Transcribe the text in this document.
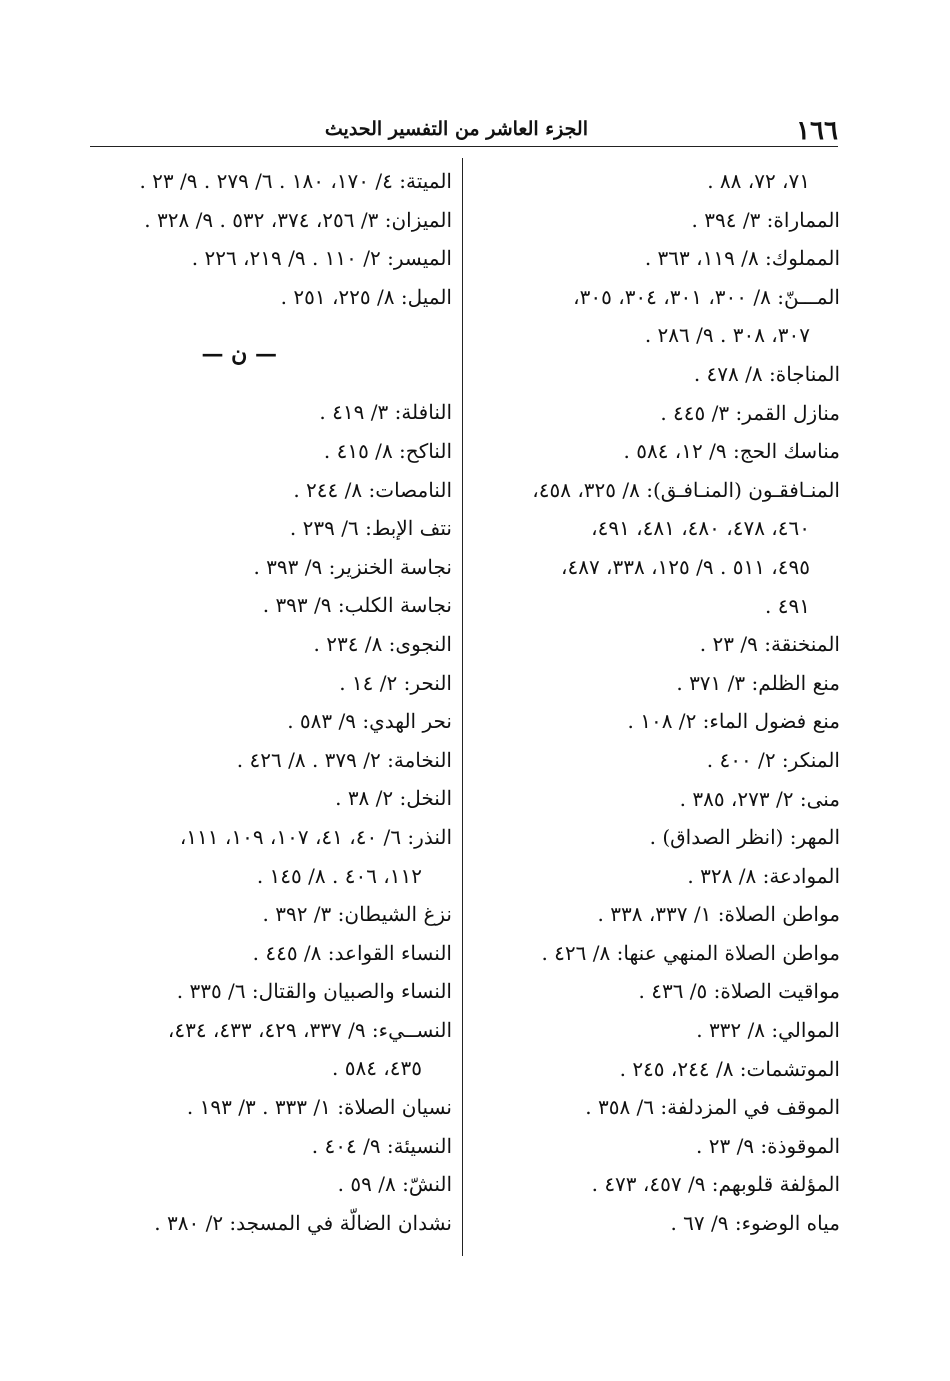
١٦٦
الجزء العاشر من التفسير الحديث
٧١، ٧٢، ٨٨ .
المماراة: ٣/ ٣٩٤ .
المملوك: ٨/ ١١٩، ٣٦٣ .
المـــنّ: ٨/ ٣٠٠، ٣٠١، ٣٠٤، ٣٠٥،
٣٠٧، ٣٠٨ . ٩/ ٢٨٦ .
المناجاة: ٨/ ٤٧٨ .
منازل القمر: ٣/ ٤٤٥ .
مناسك الحج: ٩/ ١٢، ٥٨٤ .
المنـافقـون (المنـافـق): ٨/ ٣٢٥، ٤٥٨،
٤٦٠، ٤٧٨، ٤٨٠، ٤٨١، ٤٩١،
٤٩٥، ٥١١ . ٩/ ١٢٥، ٣٣٨، ٤٨٧،
٤٩١ .
المنخنقة: ٩/ ٢٣ .
منع الظلم: ٣/ ٣٧١ .
منع فضول الماء: ٢/ ١٠٨ .
المنكر: ٢/ ٤٠٠ .
منى: ٢/ ٢٧٣، ٣٨٥ .
المهر: (انظر الصداق) .
الموادعة: ٨/ ٣٢٨ .
مواطن الصلاة: ١/ ٣٣٧، ٣٣٨ .
مواطن الصلاة المنهي عنها: ٨/ ٤٢٦ .
مواقيت الصلاة: ٥/ ٤٣٦ .
الموالي: ٨/ ٣٣٢ .
الموتشمات: ٨/ ٢٤٤، ٢٤٥ .
الموقف في المزدلفة: ٦/ ٣٥٨ .
الموقوذة: ٩/ ٢٣ .
المؤلفة قلوبهم: ٩/ ٤٥٧، ٤٧٣ .
مياه الوضوء: ٩/ ٦٧ .
الميتة: ٤/ ١٧٠، ١٨٠ . ٦/ ٢٧٩ . ٩/ ٢٣ .
الميزان: ٣/ ٢٥٦، ٣٧٤، ٥٣٢ . ٩/ ٣٢٨ .
الميسر: ٢/ ١١٠ . ٩/ ٢١٩، ٢٢٦ .
الميل: ٨/ ٢٢٥، ٢٥١ .
— ن —
النافلة: ٣/ ٤١٩ .
الناكح: ٨/ ٤١٥ .
النامصات: ٨/ ٢٤٤ .
نتف الإبط: ٦/ ٢٣٩ .
نجاسة الخنزير: ٩/ ٣٩٣ .
نجاسة الكلب: ٩/ ٣٩٣ .
النجوى: ٨/ ٢٣٤ .
النحر: ٢/ ١٤ .
نحر الهدي: ٩/ ٥٨٣ .
النخامة: ٢/ ٣٧٩ . ٨/ ٤٢٦ .
النخل: ٢/ ٣٨ .
النذر: ٦/ ٤٠، ٤١، ١٠٧، ١٠٩، ١١١،
١١٢، ٤٠٦ . ٨/ ١٤٥ .
نزغ الشيطان: ٣/ ٣٩٢ .
النساء القواعد: ٨/ ٤٤٥ .
النساء والصبيان والقتال: ٦/ ٣٣٥ .
النســيء: ٩/ ٣٣٧، ٤٢٩، ٤٣٣، ٤٣٤،
٤٣٥، ٥٨٤ .
نسيان الصلاة: ١/ ٣٣٣ . ٣/ ١٩٣ .
النسيئة: ٩/ ٤٠٤ .
النشّ: ٨/ ٥٩ .
نشدان الضالّة في المسجد: ٢/ ٣٨٠ .
